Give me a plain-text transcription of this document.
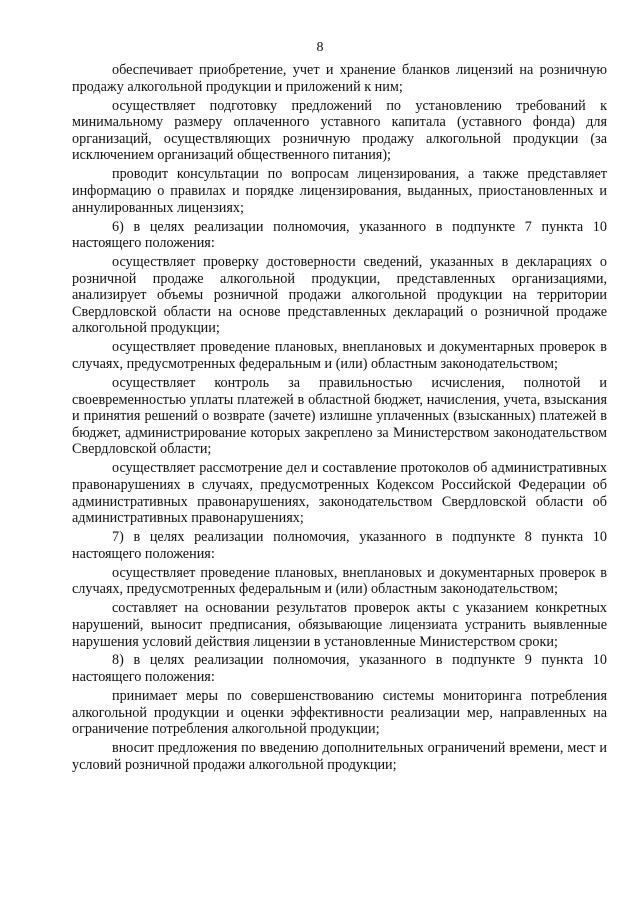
8

обеспечивает приобретение, учет и хранение бланков лицензий на розничную продажу алкогольной продукции и приложений к ним;

осуществляет подготовку предложений по установлению требований к минимальному размеру оплаченного уставного капитала (уставного фонда) для организаций, осуществляющих розничную продажу алкогольной продукции (за исключением организаций общественного питания);

проводит консультации по вопросам лицензирования, а также представляет информацию о правилах и порядке лицензирования, выданных, приостановленных и аннулированных лицензиях;

6) в целях реализации полномочия, указанного в подпункте 7 пункта 10 настоящего положения:

осуществляет проверку достоверности сведений, указанных в декларациях о розничной продаже алкогольной продукции, представленных организациями, анализирует объемы розничной продажи алкогольной продукции на территории Свердловской области на основе представленных деклараций о розничной продаже алкогольной продукции;

осуществляет проведение плановых, внеплановых и документарных проверок в случаях, предусмотренных федеральным и (или) областным законодательством;

осуществляет контроль за правильностью исчисления, полнотой и своевременностью уплаты платежей в областной бюджет, начисления, учета, взыскания и принятия решений о возврате (зачете) излишне уплаченных (взысканных) платежей в бюджет, администрирование которых закреплено за Министерством законодательством Свердловской области;

осуществляет рассмотрение дел и составление протоколов об административных правонарушениях в случаях, предусмотренных Кодексом Российской Федерации об административных правонарушениях, законодательством Свердловской области об административных правонарушениях;

7) в целях реализации полномочия, указанного в подпункте 8 пункта 10 настоящего положения:

осуществляет проведение плановых, внеплановых и документарных проверок в случаях, предусмотренных федеральным и (или) областным законодательством;

составляет на основании результатов проверок акты с указанием конкретных нарушений, выносит предписания, обязывающие лицензиата устранить выявленные нарушения условий действия лицензии в установленные Министерством сроки;

8) в целях реализации полномочия, указанного в подпункте 9 пункта 10 настоящего положения:

принимает меры по совершенствованию системы мониторинга потребления алкогольной продукции и оценки эффективности реализации мер, направленных на ограничение потребления алкогольной продукции;

вносит предложения по введению дополнительных ограничений времени, мест и условий розничной продажи алкогольной продукции;
